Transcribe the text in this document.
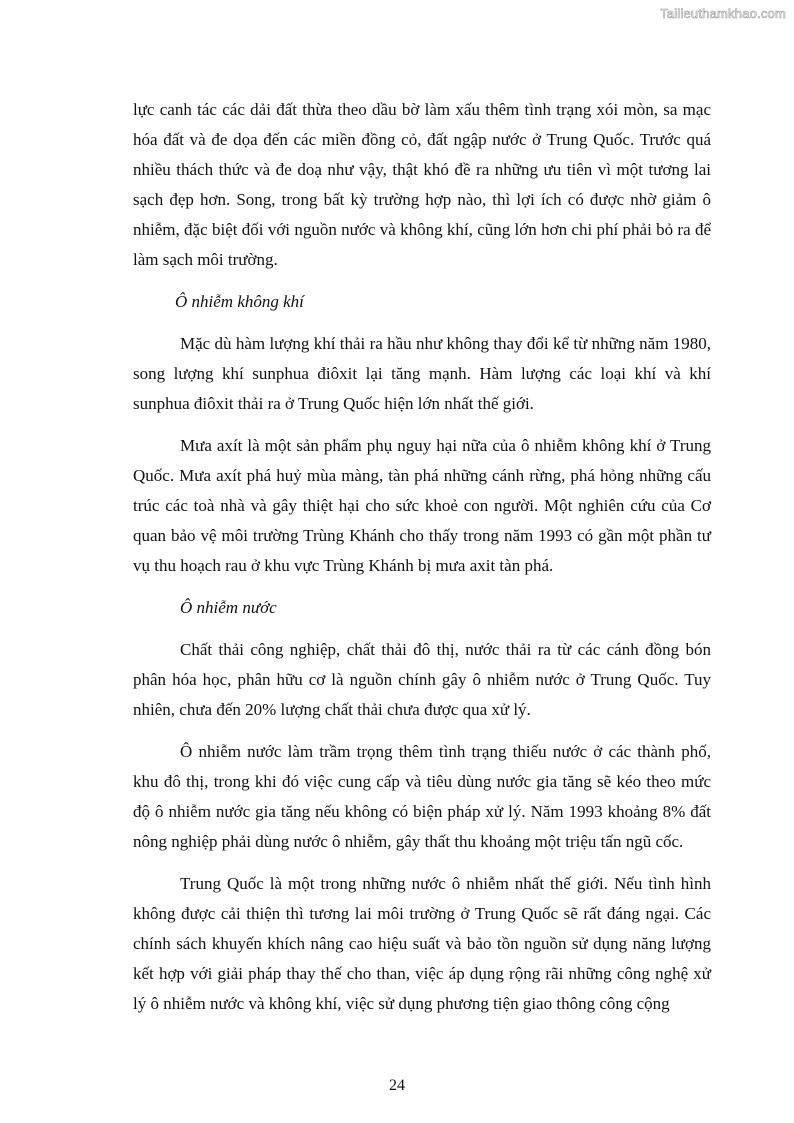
Tailieuthamkhao.com

lực canh tác các dải đất thừa theo dầu bờ làm xấu thêm tình trạng xói mòn, sa mạc hóa đất và đe dọa đến các miền đồng cỏ, đất ngập nước ở Trung Quốc. Trước quá nhiều thách thức và đe doạ như vậy, thật khó đề ra những ưu tiên vì một tương lai sạch đẹp hơn. Song, trong bất kỳ trường hợp nào, thì lợi ích có được nhờ giảm ô nhiễm, đặc biệt đối với nguồn nước và không khí, cũng lớn hơn chi phí phải bỏ ra để làm sạch môi trường.

Ô nhiễm không khí

Mặc dù hàm lượng khí thải ra hầu như không thay đổi kể từ những năm 1980, song lượng khí sunphua điôxit lại tăng mạnh. Hàm lượng các loại khí và khí sunphua điôxit thải ra ở Trung Quốc hiện lớn nhất thế giới.

Mưa axít là một sản phẩm phụ nguy hại nữa của ô nhiễm không khí ở Trung Quốc. Mưa axít phá huỷ mùa màng, tàn phá những cánh rừng, phá hỏng những cấu trúc các toà nhà và gây thiệt hại cho sức khoẻ con người. Một nghiên cứu của Cơ quan bảo vệ môi trường Trùng Khánh cho thấy trong năm 1993 có gần một phần tư vụ thu hoạch rau ở khu vực Trùng Khánh bị mưa axit tàn phá.

Ô nhiễm nước

Chất thải công nghiệp, chất thải đô thị, nước thải ra từ các cánh đồng bón phân hóa học, phân hữu cơ là nguồn chính gây ô nhiễm nước ở Trung Quốc. Tuy nhiên, chưa đến 20% lượng chất thải chưa được qua xử lý.

Ô nhiễm nước làm trầm trọng thêm tình trạng thiếu nước ở các thành phố, khu đô thị, trong khi đó việc cung cấp và tiêu dùng nước gia tăng sẽ kéo theo mức độ ô nhiễm nước gia tăng nếu không có biện pháp xử lý. Năm 1993 khoảng 8% đất nông nghiệp phải dùng nước ô nhiễm, gây thất thu khoảng một triệu tấn ngũ cốc.

Trung Quốc là một trong những nước ô nhiễm nhất thế giới. Nếu tình hình không được cải thiện thì tương lai môi trường ở Trung Quốc sẽ rất đáng ngại. Các chính sách khuyến khích nâng cao hiệu suất và bảo tồn nguồn sử dụng năng lượng kết hợp với giải pháp thay thế cho than, việc áp dụng rộng rãi những công nghệ xử lý ô nhiễm nước và không khí, việc sử dụng phương tiện giao thông công cộng

24
